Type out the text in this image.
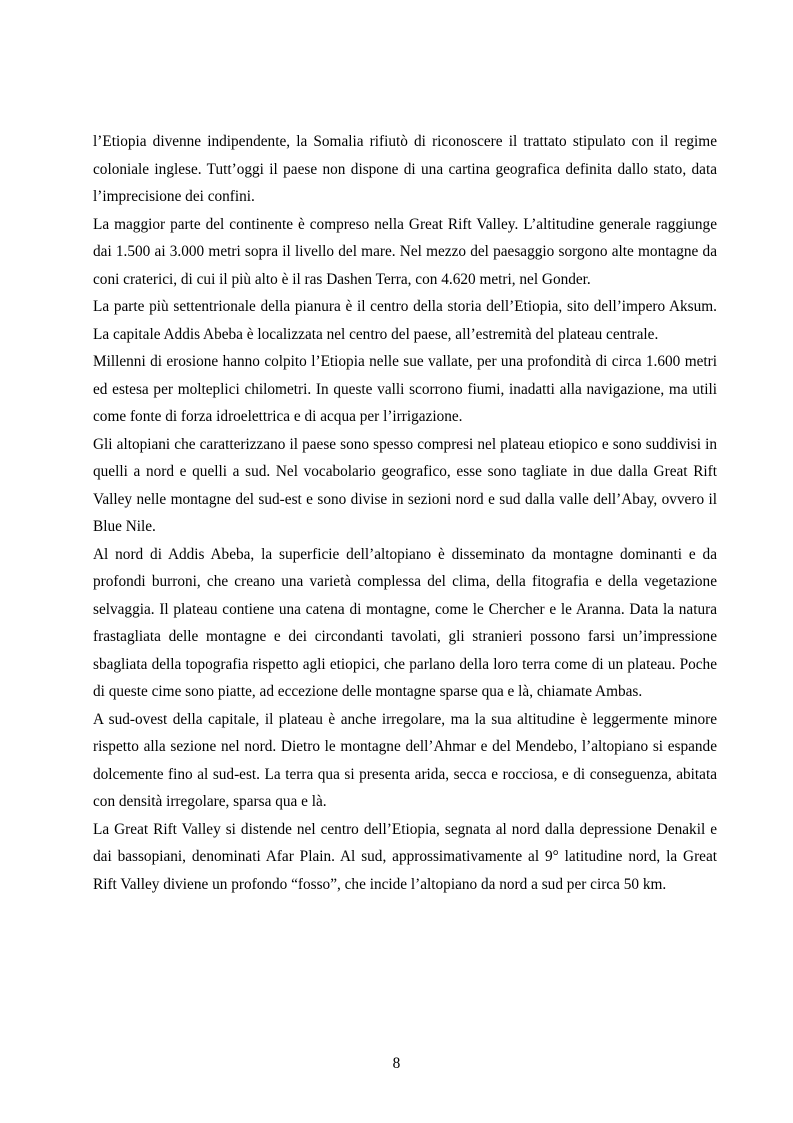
l’Etiopia divenne indipendente, la Somalia rifiutò di riconoscere il trattato stipulato con il regime coloniale inglese. Tutt’oggi il paese non dispone di una cartina geografica definita dallo stato, data l’imprecisione dei confini.

La maggior parte del continente è compreso nella Great Rift Valley. L’altitudine generale raggiunge dai 1.500 ai 3.000 metri sopra il livello del mare. Nel mezzo del paesaggio sorgono alte montagne da coni craterici, di cui il più alto è il ras Dashen Terra, con 4.620 metri, nel Gonder.

La parte più settentrionale della pianura è il centro della storia dell’Etiopia, sito dell’impero Aksum. La capitale Addis Abeba è localizzata nel centro del paese, all’estremità del plateau centrale.

Millenni di erosione hanno colpito l’Etiopia nelle sue vallate, per una profondità di circa 1.600 metri ed estesa per molteplici chilometri. In queste valli scorrono fiumi, inadatti alla navigazione, ma utili come fonte di forza idroelettrica e di acqua per l’irrigazione.

Gli altopiani che caratterizzano il paese sono spesso compresi nel plateau etiopico e sono suddivisi in quelli a nord e quelli a sud. Nel vocabolario geografico, esse sono tagliate in due dalla Great Rift Valley nelle montagne del sud-est e sono divise in sezioni nord e sud dalla valle dell’Abay, ovvero il Blue Nile.

Al nord di Addis Abeba, la superficie dell’altopiano è disseminato da montagne dominanti e da profondi burroni, che creano una varietà complessa del clima, della fitografia e della vegetazione selvaggia. Il plateau contiene una catena di montagne, come le Chercher e le Aranna. Data la natura frastagliata delle montagne e dei circondanti tavolati, gli stranieri possono farsi un’impressione sbagliata della topografia rispetto agli etiopici, che parlano della loro terra come di un plateau. Poche di queste cime sono piatte, ad eccezione delle montagne sparse qua e là, chiamate Ambas.

A sud-ovest della capitale, il plateau è anche irregolare, ma la sua altitudine è leggermente minore rispetto alla sezione nel nord. Dietro le montagne dell’Ahmar e del Mendebo, l’altopiano si espande dolcemente fino al sud-est. La terra qua si presenta arida, secca e rocciosa, e di conseguenza, abitata con densità irregolare, sparsa qua e là.

La Great Rift Valley si distende nel centro dell’Etiopia, segnata al nord dalla depressione Denakil e dai bassopiani, denominati Afar Plain. Al sud, approssimativamente al 9° latitudine nord, la Great Rift Valley diviene un profondo “fosso”, che incide l’altopiano da nord a sud per circa 50 km.

8
